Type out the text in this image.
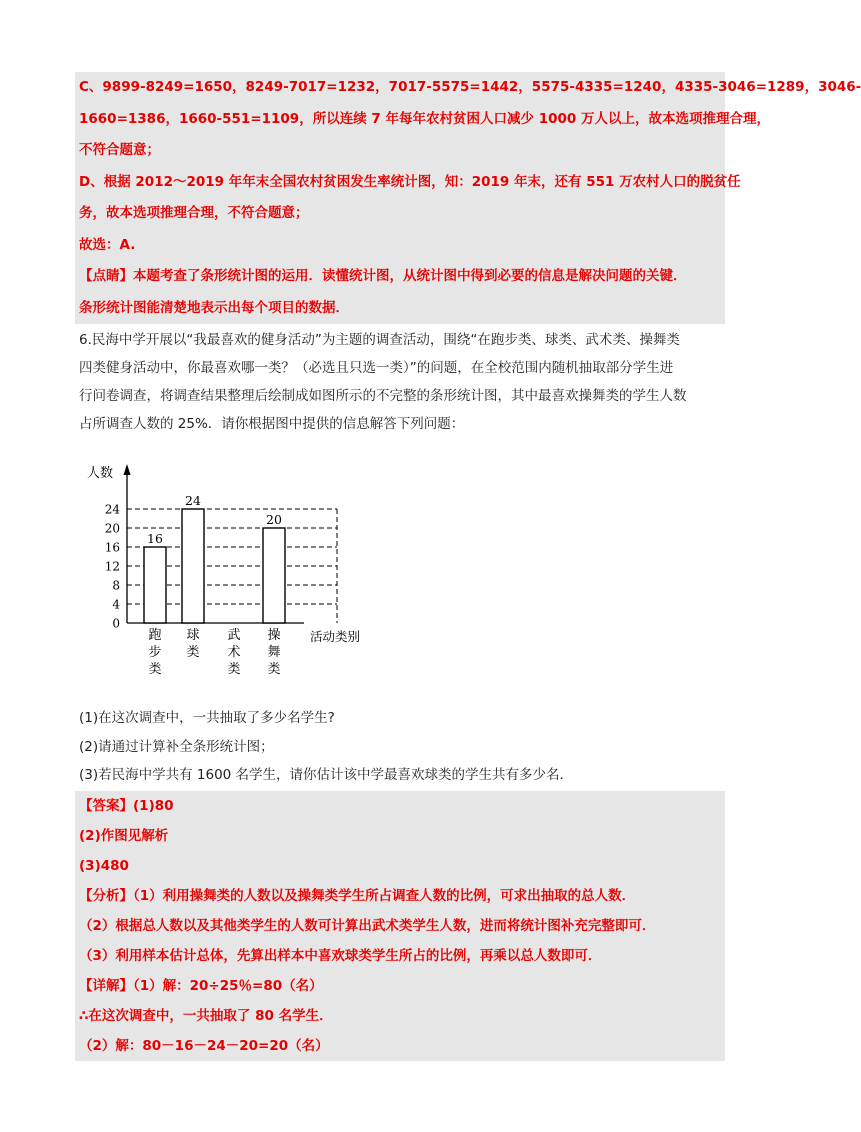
C、9899-8249=1650，8249-7017=1232，7017-5575=1442，5575-4335=1240，4335-3046=1289，3046-
1660=1386，1660-551=1109，所以连续 7 年每年农村贫困人口减少 1000 万人以上，故本选项推理合理，
不符合题意；
D、根据 2012～2019 年年末全国农村贫困发生率统计图，知：2019 年末，还有 551 万农村人口的脱贫任
务，故本选项推理合理，不符合题意；
故选：A.
【点睛】本题考查了条形统计图的运用．读懂统计图，从统计图中得到必要的信息是解决问题的关键．
条形统计图能清楚地表示出每个项目的数据．
6.民海中学开展以“我最喜欢的健身活动”为主题的调查活动，围绕“在跑步类、球类、武术类、操舞类
四类健身活动中，你最喜欢哪一类？（必选且只选一类）”的问题，在全校范围内随机抽取部分学生进
行问卷调查，将调查结果整理后绘制成如图所示的不完整的条形统计图，其中最喜欢操舞类的学生人数
占所调查人数的 25%．请你根据图中提供的信息解答下列问题：
0
4
8
12
16
20
24
人数
活动类别
16
跑
步
类
24
球
类
武
术
类
20
操
舞
类
(1)在这次调查中，一共抽取了多少名学生?
(2)请通过计算补全条形统计图；
(3)若民海中学共有 1600 名学生，请你估计该中学最喜欢球类的学生共有多少名．
【答案】(1)80
(2)作图见解析
(3)480
【分析】（1）利用操舞类的人数以及操舞类学生所占调查人数的比例，可求出抽取的总人数．
（2）根据总人数以及其他类学生的人数可计算出武术类学生人数，进而将统计图补充完整即可．
（3）利用样本估计总体，先算出样本中喜欢球类学生所占的比例，再乘以总人数即可．
【详解】（1）解：20÷25％=80（名）
∴在这次调查中，一共抽取了 80 名学生．
（2）解：80－16－24－20=20（名）
